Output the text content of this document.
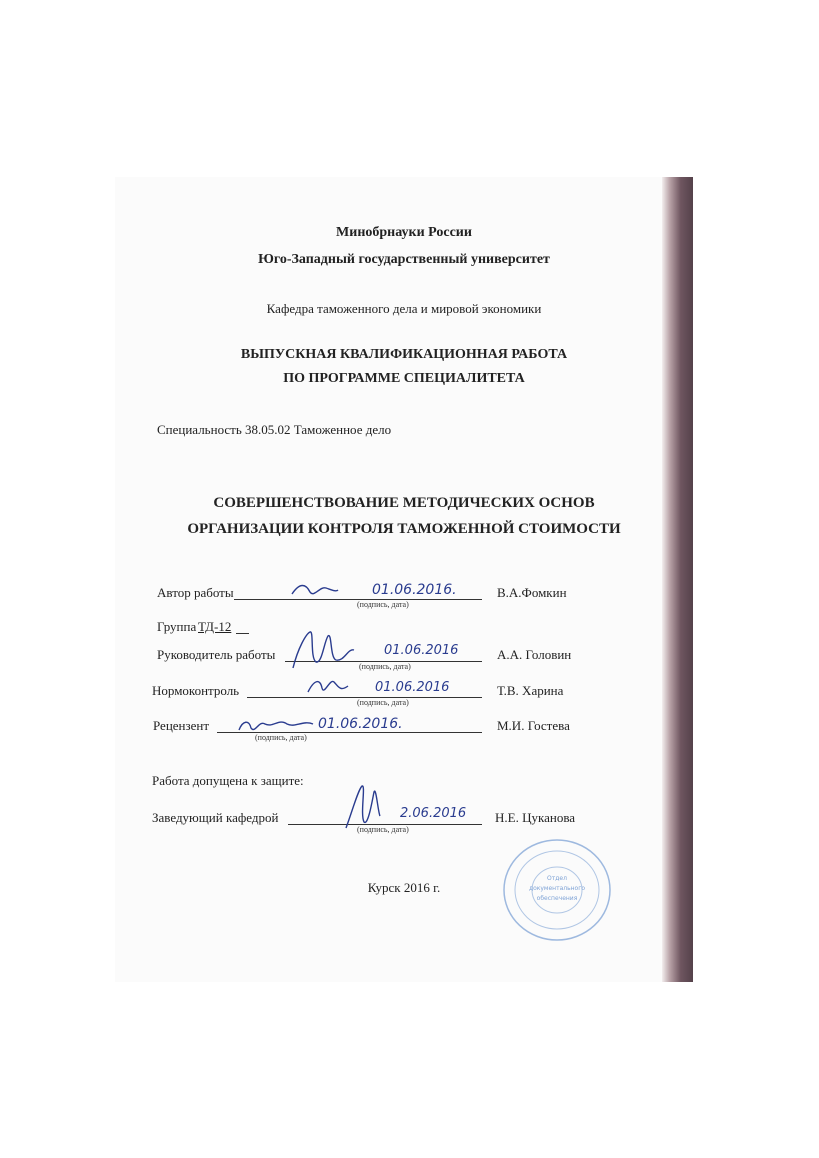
Минобрнауки России
Юго-Западный государственный университет
Кафедра таможенного дела и мировой экономики
ВЫПУСКНАЯ КВАЛИФИКАЦИОННАЯ РАБОТА
ПО ПРОГРАММЕ СПЕЦИАЛИТЕТА
Специальность 38.05.02 Таможенное дело
СОВЕРШЕНСТВОВАНИЕ МЕТОДИЧЕСКИХ ОСНОВ
ОРГАНИЗАЦИИ КОНТРОЛЯ ТАМОЖЕННОЙ СТОИМОСТИ
Автор работы	01.06.2016.
(подпись, дата)
В.А.Фомкин
Группа ТД-12
Руководитель работы	01.06.2016
(подпись, дата)
А.А. Головин
Нормоконтроль	01.06.2016
(подпись, дата)
Т.В. Харина
Рецензент	01.06.2016.
(подпись, дата)
М.И. Гостева
Работа допущена к защите:
Заведующий кафедрой	2.06.2016
(подпись, дата)
Н.Е. Цуканова
Отдел
документального
обеспечения
Курск 2016 г.
